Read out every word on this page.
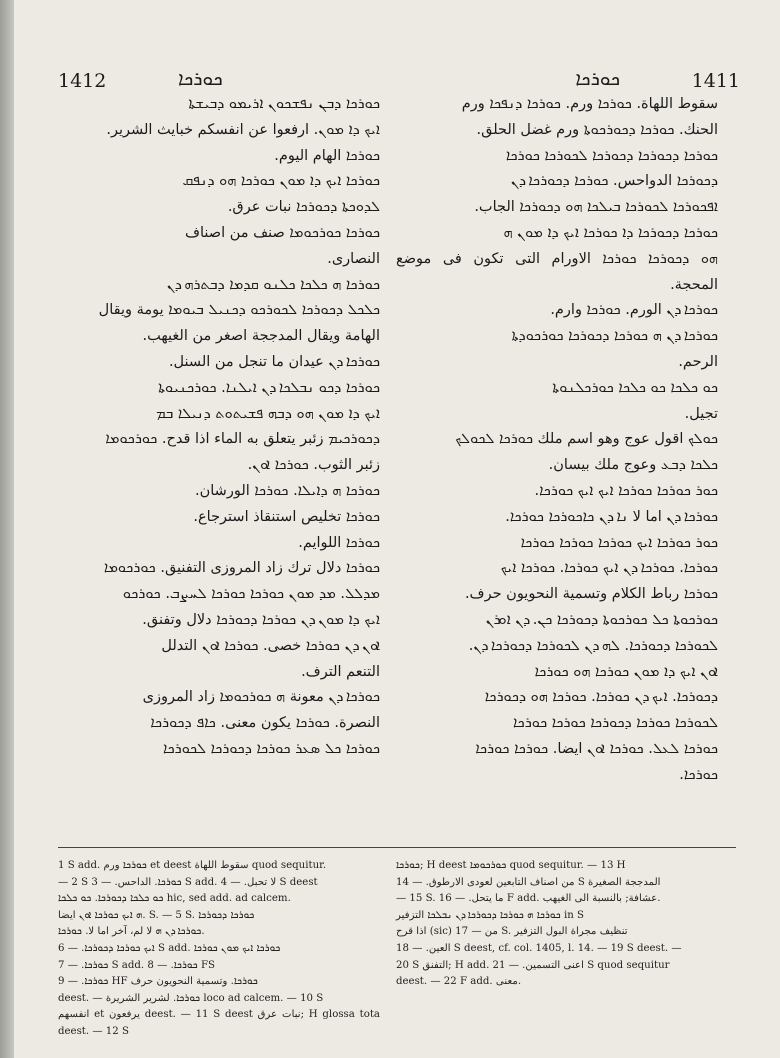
1412	ܟܘܪܟܐ	ܟܘܪܟܐ	1411

ܟܘܪܟܐ ܕܒܢ ܢܦܫܟܘܢ ܐܪܝܡܘ ܕܒܝܫܬܐ

ܐܝܟ ܕܐ ܡܘܢ. ارفعوا عن انفسكم خبايث الشرير.

ܟܘܪܟܐ الهام اليوم.

ܟܘܪܟܐ ܐܝܟ ܕܐ ܡܘܢ ܟܘܪܟܐ ܗܘ ܕܢܦܩ

ܠܕܘܟܬܐ ܕܟܘܪܟܐ نبات عرق.

ܟܘܪܟܐ ܟܘܪܟܘܡܐ صنف من اصناف

النصارى.

ܟܘܪܟܐ ܗ ܟܠܟܐ ܟܠܢܘ ܩܕܡܐ ܕܒܬܪܗ ܕܢ

ܟܠܟܠ ܕܟܘܪܟܐ ܠܟܘܪܟܘ ܕܟܢܝܠ ܒܝܘܡܐ يومة ويقال

الهامة ويقال المدججة اصغر من الغيهب.

ܟܘܪܟܐ ܕܢ عيدان ما تنجل من السنل.

ܟܘܪܟܐ ܕܟܘ ܢܒܠܟܐ ܕܢ ܐܝܠܢܐ. ܟܘܪܟܢܝܘܬܐ

ܐܝܟ ܕܐ ܡܘܢ ܗܘ ܕܒܗ ܦܫܝܬܘܬ ܕܢܝܠܐ ܒܡ

ܕܟܘܪܟܝܡ زئبر يتعلق به الماء اذا قدح. ܟܘܪܟܘܡܐ

زئبر الثوب. ܟܘܪܟܐ ܐܘܢ.

ܟܘܪܟܐ ܗ ܕܐܝܠܐ. ܟܘܪܟܐ الورشان.

ܟܘܪܟܐ تخليص استنقاذ استرجاع.

ܟܘܪܟܐ اللوايم.

ܟܘܪܟܐ دلال ترك زاد المروزى التفنيق. ܟܘܪܟܘܡܐ

ܡܕܠܠ. ܡܕ ܡܘܢ ܟܘܪܟܐ ܟܘܪܟܐ ܠܚܨܒ. ܟܘܪܟܘ

ܐܝܟ ܕܐ ܡܘܢ ܕܢ ܟܘܪܟܐ ܕܟܘܪܟܐ دلال وتفنق.

ܐܘܢ ܕܢ ܟܘܪܟܐ خصى. ܟܘܪܟܐ ܐܘܢ التدلل

التنعم الترف.

ܟܘܪܟܐ ܕܢ معونة ܗ ܟܘܪܟܘܡܐ زاد المروزى

النصرة. ܟܘܪܟܐ يكون معنى. ܟܐܦ ܕܟܘܪܟܐ

ܟܘܪܟܐ ܟܠ ܣܥܪ ܟܘܪܟܐ ܕܟܘܪܟܐ ܠܟܘܪܟܐ

سقوط اللهاة. ܟܘܪܟܐ ورم. ܟܘܪܟܐ ܕܢܦܟܐ ورم

الحنك. ܟܘܪܟܐ ܕܟܘܪܟܘܬܐ ورم غضل الحلق.

ܟܘܪܟܐ ܕܟܘܪܟܐ ܕܟܘܪܟܐ ܠܟܘܪܟܐ ܟܘܪܟܐ

ܕܟܘܪܟܐ الدواحس. ܟܘܪܟܐ ܕܟܘܪܟܐ ܕܢ

ܐܦܟܘܪܟܐ ܠܟܘܪܟܐ ܒܝܠܟܐ ܗܘ ܕܟܘܪܟܐ الجاب.

ܟܘܪܟܐ ܕܟܘܪܟܐ ܕܐ ܟܘܪܟܐ ܐܝܟ ܕܐ ܡܘܢ ܗ

ܗܘ ܕܟܘܪܟܐ ܟܘܪܟܐ الاورام التى تكون فى موضع المحجة.

ܟܘܪܟܐ ܕܢ الورم. ܟܘܪܟܐ وارم.

ܟܘܪܟܐ ܕܢ ܗ ܟܘܪܟܐ ܕܟܘܪܟܐ ܟܘܪܟܘܕܬܐ

الرحم.

ܟܘ ܟܠܟܐ ܟܘ ܟܠܟܐ ܟܘܪܟܠܢܘܬܐ

تجيل.

ܟܘܠܟ اقول عوج وهو اسم ملك ܟܘܪܟܐ ܠܟܘܠܟ

ܟܠܟܐ ܕܒܥ وعوج ملك بيسان.

ܟܘܪ ܟܘܪܟܐ ܟܘܪܟܐ ܐܝܟ ܐܝܟ ܟܘܪܟܐ.

ܟܘܪܟܐ ܕܢ اما لا ܢܐ ܕܢ ܟܐܟܘܪܟܐ ܟܘܪܟܐ.

ܟܘܪ ܟܘܪܟܐ ܐܝܟ ܟܘܪܟܐ ܟܘܪܟܐ ܟܘܪܟܐ

ܟܘܪܟܐ. ܟܘܪܟܐ ܕܢ ܐܝܟ ܟܘܪܟܐ. ܟܘܪܟܐ ܐܝܟ

ܟܘܪܟܐ رباط الكلام وتسمية النحويون حرف.

ܟܘܪܟܘܬܐ ܟܠ ܟܘܪܟܘܬܐ ܕܟܘܪܟܐ ܟܢ. ܕܢ ܐܘܪܢ

ܠܟܘܪܟܐ ܕܟܘܪܟܐ. ܠܗ ܕܢ ܠܟܘܪܟܐ ܕܟܘܪܟܐ ܕܢ.

ܐܘܢ ܐܝܟ ܕܐ ܡܘܢ ܟܘܪܟܐ ܗܘ ܟܘܪܟܐ

ܕܟܘܪܟܐ. ܐܝܟ ܕܢ ܟܘܪܟܐ. ܟܘܪܟܐ ܗܘ ܕܟܘܪܟܐ

ܠܟܘܪܟܐ ܟܘܪܟܐ ܕܟܘܪܟܐ ܟܘܪܟܐ ܟܘܪܟܐ

ܟܘܪܟܐ ܠܥܠ. ܟܘܪܟܐ ܐܘܢ ايضا. ܟܘܪܟܐ ܟܘܪܟܐ

ܟܘܪܟܐ.

1 S add. ܟܘܪܟܐ ورم et deest سقوط اللهاة quod sequitur.

— 2 S ܟܘܪܟܐ. الداحس. — 3 S add. لا تحبل. — 4 S deest

ܟܘ ܟܠܟܐ ܕܟܘܪܟܐ. ܟܘ ܟܠܟܐ hic, sed add. ad calcem.

ܗ ܐܝܟ ܟܘܪܟܐ ܐܘܢ ايضا. S. — 5 S. ܟܘܪܟܐ ܕܟܘܪܟܐ

ܟܘܪܟܐ ܕܢ ܗ لا لم، آخر اما لا. ܟܘܪܟܐ.

ܐܝܟ ܟܘܪܟܐ ܕܟܘܪܟܐ. — 6 S add. ܟܘܪܟܐ ܐܝܟ ܡܘܢ ܟܘܪܟܐ

ܟܘܪܟܐ. — 7 S add. ܟܘܪܟܐ. — 8 FS

ܟܘܪܟܐ. — 9 HF ܟܘܪܟܐ. وتسمية النحويون حرف

deest. — ܟܘܪܟܐ. لشرير الشريرة loco ad calcem. — 10 S

انفسهم et يرفعون deest. — 11 S deest نبات عرق; H glossa tota deest. — 12 S

ܟܘܪܟܐ; H deest ܟܘܪܟܘܡܐ quod sequitur. — 13 H

من اصناف التابعين لعودى الارطوق. — 14 S المدججة الصغيرة

— 15 S. ما يتحل. — 16 F add. عشافة; بالنسبة الى الغيهب.

ܟܘܪܟܐ ܗ ܟܘܪܟܐ ܕܟܘܪܟܐ ܕܢ ܢܒܠܟܐ التزفير in S

اذا قرح (sic) من — 17 S. تنظيف مجراة البول التزفير

العين. — 18 S deest, cf. col. 1405, l. 14. — 19 S deest. —

20 S التفنق; H add. اعنى التسمين. — 21 S quod sequitur

deest. — 22 F add. معنى.
